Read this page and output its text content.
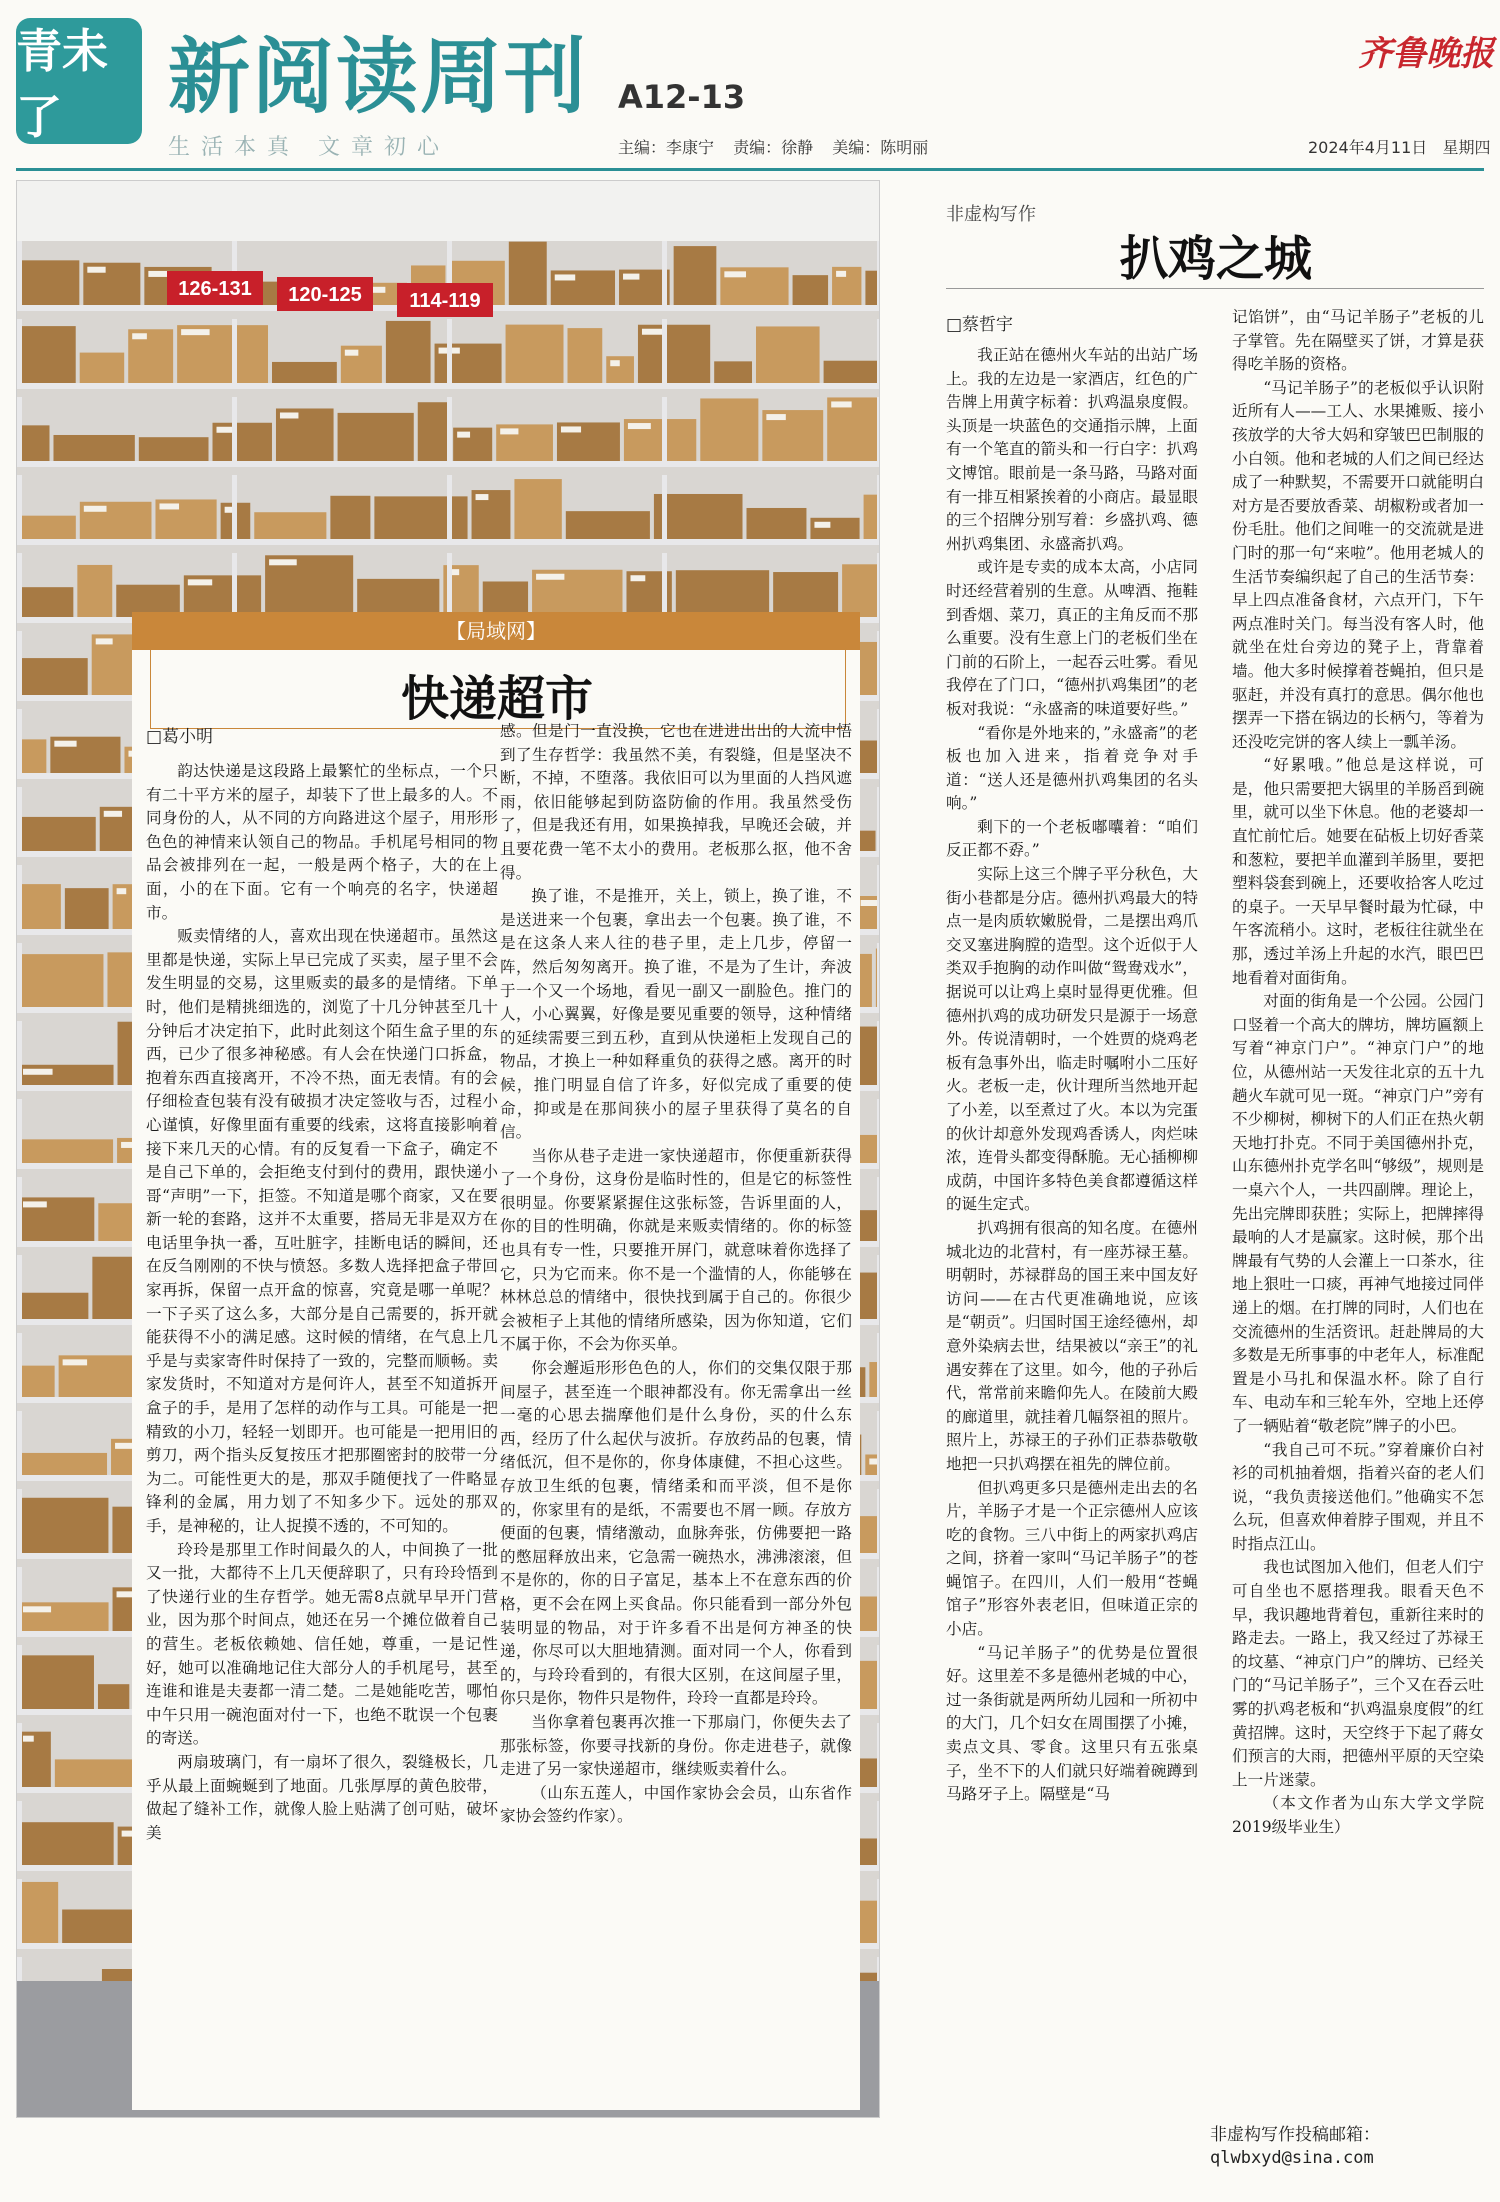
青未了	新阅读周刊 A12-13
齐鲁晚报
生活本真 文章初心	主编：李康宁 责编：徐静 美编：陈明丽	2024年4月11日 星期四
126-131 120-125 114-119
【局域网】
快递超市
□葛小明

韵达快递是这段路上最繁忙的坐标点，一个只有二十平方米的屋子，却装下了世上最多的人。不同身份的人，从不同的方向路进这个屋子，用形形色色的神情来认领自己的物品。手机尾号相同的物品会被排列在一起，一般是两个格子，大的在上面，小的在下面。它有一个响亮的名字，快递超市。

贩卖情绪的人，喜欢出现在快递超市。虽然这里都是快递，实际上早已完成了买卖，屋子里不会发生明显的交易，这里贩卖的最多的是情绪。下单时，他们是精挑细选的，浏览了十几分钟甚至几十分钟后才决定拍下，此时此刻这个陌生盒子里的东西，已少了很多神秘感。有人会在快递门口拆盒，抱着东西直接离开，不冷不热，面无表情。有的会仔细检查包装有没有破损才决定签收与否，过程小心谨慎，好像里面有重要的线索，这将直接影响着接下来几天的心情。有的反复看一下盒子，确定不是自己下单的，会拒绝支付到付的费用，跟快递小哥“声明”一下，拒签。不知道是哪个商家，又在要新一轮的套路，这并不太重要，搭局无非是双方在电话里争执一番，互吐脏字，挂断电话的瞬间，还在反刍刚刚的不快与愤怒。多数人选择把盒子带回家再拆，保留一点开盒的惊喜，究竟是哪一单呢？一下子买了这么多，大部分是自己需要的，拆开就能获得不小的满足感。这时候的情绪，在气息上几乎是与卖家寄件时保持了一致的，完整而顺畅。卖家发货时，不知道对方是何许人，甚至不知道拆开盒子的手，是用了怎样的动作与工具。可能是一把精致的小刀，轻轻一划即开。也可能是一把用旧的剪刀，两个指头反复按压才把那圈密封的胶带一分为二。可能性更大的是，那双手随便找了一件略显锋利的金属，用力划了不知多少下。远处的那双手，是神秘的，让人捉摸不透的，不可知的。

玲玲是那里工作时间最久的人，中间换了一批又一批，大都待不上几天便辞职了，只有玲玲悟到了快递行业的生存哲学。她无需8点就早早开门营业，因为那个时间点，她还在另一个摊位做着自己的营生。老板依赖她、信任她，尊重，一是记性好，她可以准确地记住大部分人的手机尾号，甚至连谁和谁是夫妻都一清二楚。二是她能吃苦，哪怕中午只用一碗泡面对付一下，也绝不耽误一个包裹的寄送。

两扇玻璃门，有一扇坏了很久，裂缝极长，几乎从最上面蜿蜒到了地面。几张厚厚的黄色胶带，做起了缝补工作，就像人脸上贴满了创可贴，破坏美

感。但是门一直没换，它也在进进出出的人流中悟到了生存哲学：我虽然不美，有裂缝，但是坚决不断，不掉，不堕落。我依旧可以为里面的人挡风遮雨，依旧能够起到防盗防偷的作用。我虽然受伤了，但是我还有用，如果换掉我，早晚还会破，并且要花费一笔不太小的费用。老板那么抠，他不舍得。

换了谁，不是推开，关上，锁上，换了谁，不是送进来一个包裹，拿出去一个包裹。换了谁，不是在这条人来人往的巷子里，走上几步，停留一阵，然后匆匆离开。换了谁，不是为了生计，奔波于一个又一个场地，看见一副又一副脸色。推门的人，小心翼翼，好像是要见重要的领导，这种情绪的延续需要三到五秒，直到从快递柜上发现自己的物品，才换上一种如释重负的获得之感。离开的时候，推门明显自信了许多，好似完成了重要的使命，抑或是在那间狭小的屋子里获得了莫名的自信。

当你从巷子走进一家快递超市，你便重新获得了一个身份，这身份是临时性的，但是它的标签性很明显。你要紧紧握住这张标签，告诉里面的人，你的目的性明确，你就是来贩卖情绪的。你的标签也具有专一性，只要推开屏门，就意味着你选择了它，只为它而来。你不是一个滥情的人，你能够在林林总总的情绪中，很快找到属于自己的。你很少会被柜子上其他的情绪所感染，因为你知道，它们不属于你，不会为你买单。

你会邂逅形形色色的人，你们的交集仅限于那间屋子，甚至连一个眼神都没有。你无需拿出一丝一毫的心思去揣摩他们是什么身份，买的什么东西，经历了什么起伏与波折。存放药品的包裹，情绪低沉，但不是你的，你身体康健，不担心这些。存放卫生纸的包裹，情绪柔和而平淡，但不是你的，你家里有的是纸，不需要也不屑一顾。存放方便面的包裹，情绪激动，血脉奔张，仿佛要把一路的憋屈释放出来，它急需一碗热水，沸沸滚滚，但不是你的，你的日子富足，基本上不在意东西的价格，更不会在网上买食品。你只能看到一部分外包装明显的物品，对于许多看不出是何方神圣的快递，你尽可以大胆地猜测。面对同一个人，你看到的，与玲玲看到的，有很大区别，在这间屋子里，你只是你，物件只是物件，玲玲一直都是玲玲。

当你拿着包裹再次推一下那扇门，你便失去了那张标签，你要寻找新的身份。你走进巷子，就像走进了另一家快递超市，继续贩卖着什么。

（山东五莲人，中国作家协会会员，山东省作家协会签约作家）。

非虚构写作
扒鸡之城
□蔡哲宇

我正站在德州火车站的出站广场上。我的左边是一家酒店，红色的广告牌上用黄字标着：扒鸡温泉度假。头顶是一块蓝色的交通指示牌，上面有一个笔直的箭头和一行白字：扒鸡文博馆。眼前是一条马路，马路对面有一排互相紧挨着的小商店。最显眼的三个招牌分别写着：乡盛扒鸡、德州扒鸡集团、永盛斋扒鸡。

或许是专卖的成本太高，小店同时还经营着别的生意。从啤酒、拖鞋到香烟、菜刀，真正的主角反而不那么重要。没有生意上门的老板们坐在门前的石阶上，一起吞云吐雾。看见我停在了门口，“德州扒鸡集团”的老板对我说：“永盛斋的味道要好些。”

“看你是外地来的，”永盛斋”的老板也加入进来，指着竞争对手道：“送人还是德州扒鸡集团的名头响。”

剩下的一个老板嘟囔着：“咱们反正都不孬。”

实际上这三个牌子平分秋色，大街小巷都是分店。德州扒鸡最大的特点一是肉质软嫩脱骨，二是摆出鸡爪交叉塞进胸膛的造型。这个近似于人类双手抱胸的动作叫做“鸳鸯戏水”，据说可以让鸡上桌时显得更优雅。但德州扒鸡的成功研发只是源于一场意外。传说清朝时，一个姓贾的烧鸡老板有急事外出，临走时嘱咐小二压好火。老板一走，伙计理所当然地开起了小差，以至煮过了火。本以为完蛋的伙计却意外发现鸡香诱人，肉烂味浓，连骨头都变得酥脆。无心插柳柳成荫，中国许多特色美食都遵循这样的诞生定式。

扒鸡拥有很高的知名度。在德州城北边的北营村，有一座苏禄王墓。明朝时，苏禄群岛的国王来中国友好访问——在古代更准确地说，应该是“朝贡”。归国时国王途经德州，却意外染病去世，结果被以“亲王”的礼遇安葬在了这里。如今，他的子孙后代，常常前来瞻仰先人。在陵前大殿的廊道里，就挂着几幅祭祖的照片。照片上，苏禄王的子孙们正恭恭敬敬地把一只扒鸡摆在祖先的牌位前。

但扒鸡更多只是德州走出去的名片，羊肠子才是一个正宗德州人应该吃的食物。三八中街上的两家扒鸡店之间，挤着一家叫“马记羊肠子”的苍蝇馆子。在四川，人们一般用“苍蝇馆子”形容外表老旧，但味道正宗的小店。

“马记羊肠子”的优势是位置很好。这里差不多是德州老城的中心，过一条街就是两所幼儿园和一所初中的大门，几个妇女在周围摆了小摊，卖点文具、零食。这里只有五张桌子，坐不下的人们就只好端着碗蹲到马路牙子上。隔壁是“马

记馅饼”，由“马记羊肠子”老板的儿子掌管。先在隔壁买了饼，才算是获得吃羊肠的资格。

“马记羊肠子”的老板似乎认识附近所有人——工人、水果摊贩、接小孩放学的大爷大妈和穿皱巴巴制服的小白领。他和老城的人们之间已经达成了一种默契，不需要开口就能明白对方是否要放香菜、胡椒粉或者加一份毛肚。他们之间唯一的交流就是进门时的那一句“来啦”。他用老城人的生活节奏编织起了自己的生活节奏：早上四点准备食材，六点开门，下午两点准时关门。每当没有客人时，他就坐在灶台旁边的凳子上，背靠着墙。他大多时候撑着苍蝇拍，但只是驱赶，并没有真打的意思。偶尔他也摆弄一下搭在锅边的长柄勺，等着为还没吃完饼的客人续上一瓢羊汤。

“好累哦。”他总是这样说，可是，他只需要把大锅里的羊肠舀到碗里，就可以坐下休息。他的老婆却一直忙前忙后。她要在砧板上切好香菜和葱粒，要把羊血灌到羊肠里，要把塑料袋套到碗上，还要收拾客人吃过的桌子。一天早早餐时最为忙碌，中午客流稍小。这时，老板往往就坐在那，透过羊汤上升起的水汽，眼巴巴地看着对面街角。

对面的街角是一个公园。公园门口竖着一个高大的牌坊，牌坊匾额上写着“神京门户”。“神京门户”的地位，从德州站一天发往北京的五十九趟火车就可见一斑。“神京门户”旁有不少柳树，柳树下的人们正在热火朝天地打扑克。不同于美国德州扑克，山东德州扑克学名叫“够级”，规则是一桌六个人，一共四副牌。理论上，先出完牌即获胜；实际上，把牌摔得最响的人才是赢家。这时候，那个出牌最有气势的人会灌上一口茶水，往地上狠吐一口痰，再神气地接过同伴递上的烟。在打牌的同时，人们也在交流德州的生活资讯。赶赴牌局的大多数是无所事事的中老年人，标准配置是小马扎和保温水杯。除了自行车、电动车和三轮车外，空地上还停了一辆贴着“敬老院”牌子的小巴。

“我自己可不玩。”穿着廉价白衬衫的司机抽着烟，指着兴奋的老人们说，“我负责接送他们。”他确实不怎么玩，但喜欢伸着脖子围观，并且不时指点江山。

我也试图加入他们，但老人们宁可自坐也不愿搭理我。眼看天色不早，我识趣地背着包，重新往来时的路走去。一路上，我又经过了苏禄王的坟墓、“神京门户”的牌坊、已经关门的“马记羊肠子”，三个又在吞云吐雾的扒鸡老板和“扒鸡温泉度假”的红黄招牌。这时，天空终于下起了蔣女们预言的大雨，把德州平原的天空染上一片迷蒙。

（本文作者为山东大学文学院2019级毕业生）

非虚构写作投稿邮箱：
qlwbxyd@sina.com
